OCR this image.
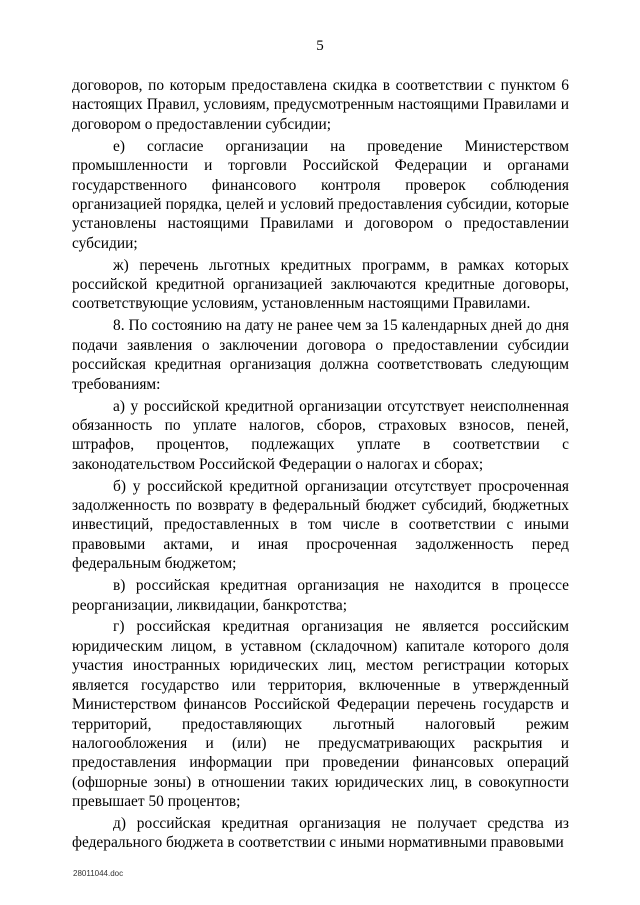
5

договоров, по которым предоставлена скидка в соответствии с пунктом 6 настоящих Правил, условиям, предусмотренным настоящими Правилами и договором о предоставлении субсидии;

е) согласие организации на проведение Министерством промышленности и торговли Российской Федерации и органами государственного финансового контроля проверок соблюдения организацией порядка, целей и условий предоставления субсидии, которые установлены настоящими Правилами и договором о предоставлении субсидии;

ж) перечень льготных кредитных программ, в рамках которых российской кредитной организацией заключаются кредитные договоры, соответствующие условиям, установленным настоящими Правилами.

8. По состоянию на дату не ранее чем за 15 календарных дней до дня подачи заявления о заключении договора о предоставлении субсидии российская кредитная организация должна соответствовать следующим требованиям:

а) у российской кредитной организации отсутствует неисполненная обязанность по уплате налогов, сборов, страховых взносов, пеней, штрафов, процентов, подлежащих уплате в соответствии с законодательством Российской Федерации о налогах и сборах;

б) у российской кредитной организации отсутствует просроченная задолженность по возврату в федеральный бюджет субсидий, бюджетных инвестиций, предоставленных в том числе в соответствии с иными правовыми актами, и иная просроченная задолженность перед федеральным бюджетом;

в) российская кредитная организация не находится в процессе реорганизации, ликвидации, банкротства;

г) российская кредитная организация не является российским юридическим лицом, в уставном (складочном) капитале которого доля участия иностранных юридических лиц, местом регистрации которых является государство или территория, включенные в утвержденный Министерством финансов Российской Федерации перечень государств и территорий, предоставляющих льготный налоговый режим налогообложения и (или) не предусматривающих раскрытия и предоставления информации при проведении финансовых операций (офшорные зоны) в отношении таких юридических лиц, в совокупности превышает 50 процентов;

д) российская кредитная организация не получает средства из федерального бюджета в соответствии с иными нормативными правовыми

28011044.doc
